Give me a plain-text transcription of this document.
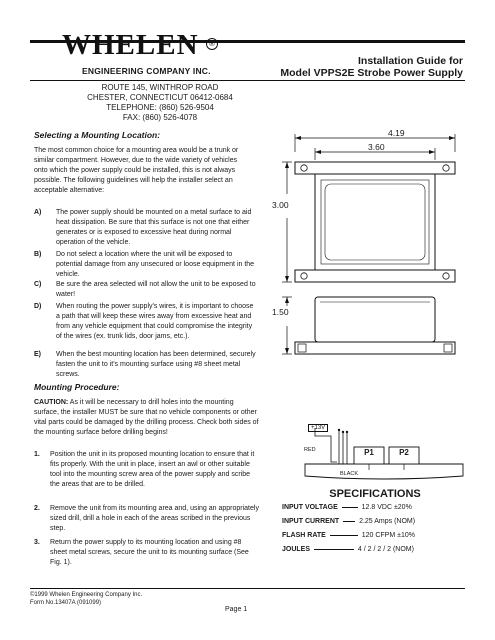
WHELEN	®
ENGINEERING COMPANY INC.
Installation Guide for
Model VPPS2E Strobe Power Supply
ROUTE 145, WINTHROP ROAD
CHESTER, CONNECTICUT 06412-0684
TELEPHONE: (860) 526-9504
FAX: (860) 526-4078
Selecting a Mounting Location:
The most common choice for a mounting area would be a trunk or similar compartment. However, due to the wide variety of vehicles onto which the power supply could be installed, this is not always possible. The following guidelines will help the installer select an acceptable alternative:
A) The power supply should be mounted on a metal surface to aid heat dissipation. Be sure that this surface is not one that either generates or is exposed to excessive heat during normal operation of the vehicle.
B) Do not select a location where the unit will be exposed to potential damage from any unsecured or loose equipment in the vehicle.
C) Be sure the area selected will not allow the unit to be exposed to water!
D) When routing the power supply's wires, it is important to choose a path that will keep these wires away from excessive heat and from any vehicle equipment that could compromise the integrity of the wires (ex. trunk lids, door jams, etc.).
E) When the best mounting location has been determined, securely fasten the unit to it's mounting surface using #8 sheet metal screws.
Mounting Procedure:
CAUTION: As it will be necessary to drill holes into the mounting surface, the installer MUST be sure that no vehicle components or other vital parts could be damaged by the drilling process. Check both sides of the mounting surface before drilling begins!
1. Position the unit in its proposed mounting location to ensure that it fits properly. With the unit in place, insert an awl or other suitable tool into the mounting screw area of the power supply and scribe the areas that are to be drilled.
2. Remove the unit from its mounting area and, using an appropriately sized drill, drill a hole in each of the areas scribed in the previous step.
3. Return the power supply to its mounting location and using #8 sheet metal screws, secure the unit to its mounting surface (See Fig. 1).
4.19
3.60
3.00
1.50
+13V
RED
BLACK
P1	P2
SPECIFICATIONS
INPUT VOLTAGE	12.8 VDC ±20%
INPUT CURRENT	2.25 Amps (NOM)
FLASH RATE	120 CFPM ±10%
JOULES	4 / 2 / 2 / 2 (NOM)
©1999 Whelen Engineering Company Inc.
Form No.13407A (091099)
Page 1
